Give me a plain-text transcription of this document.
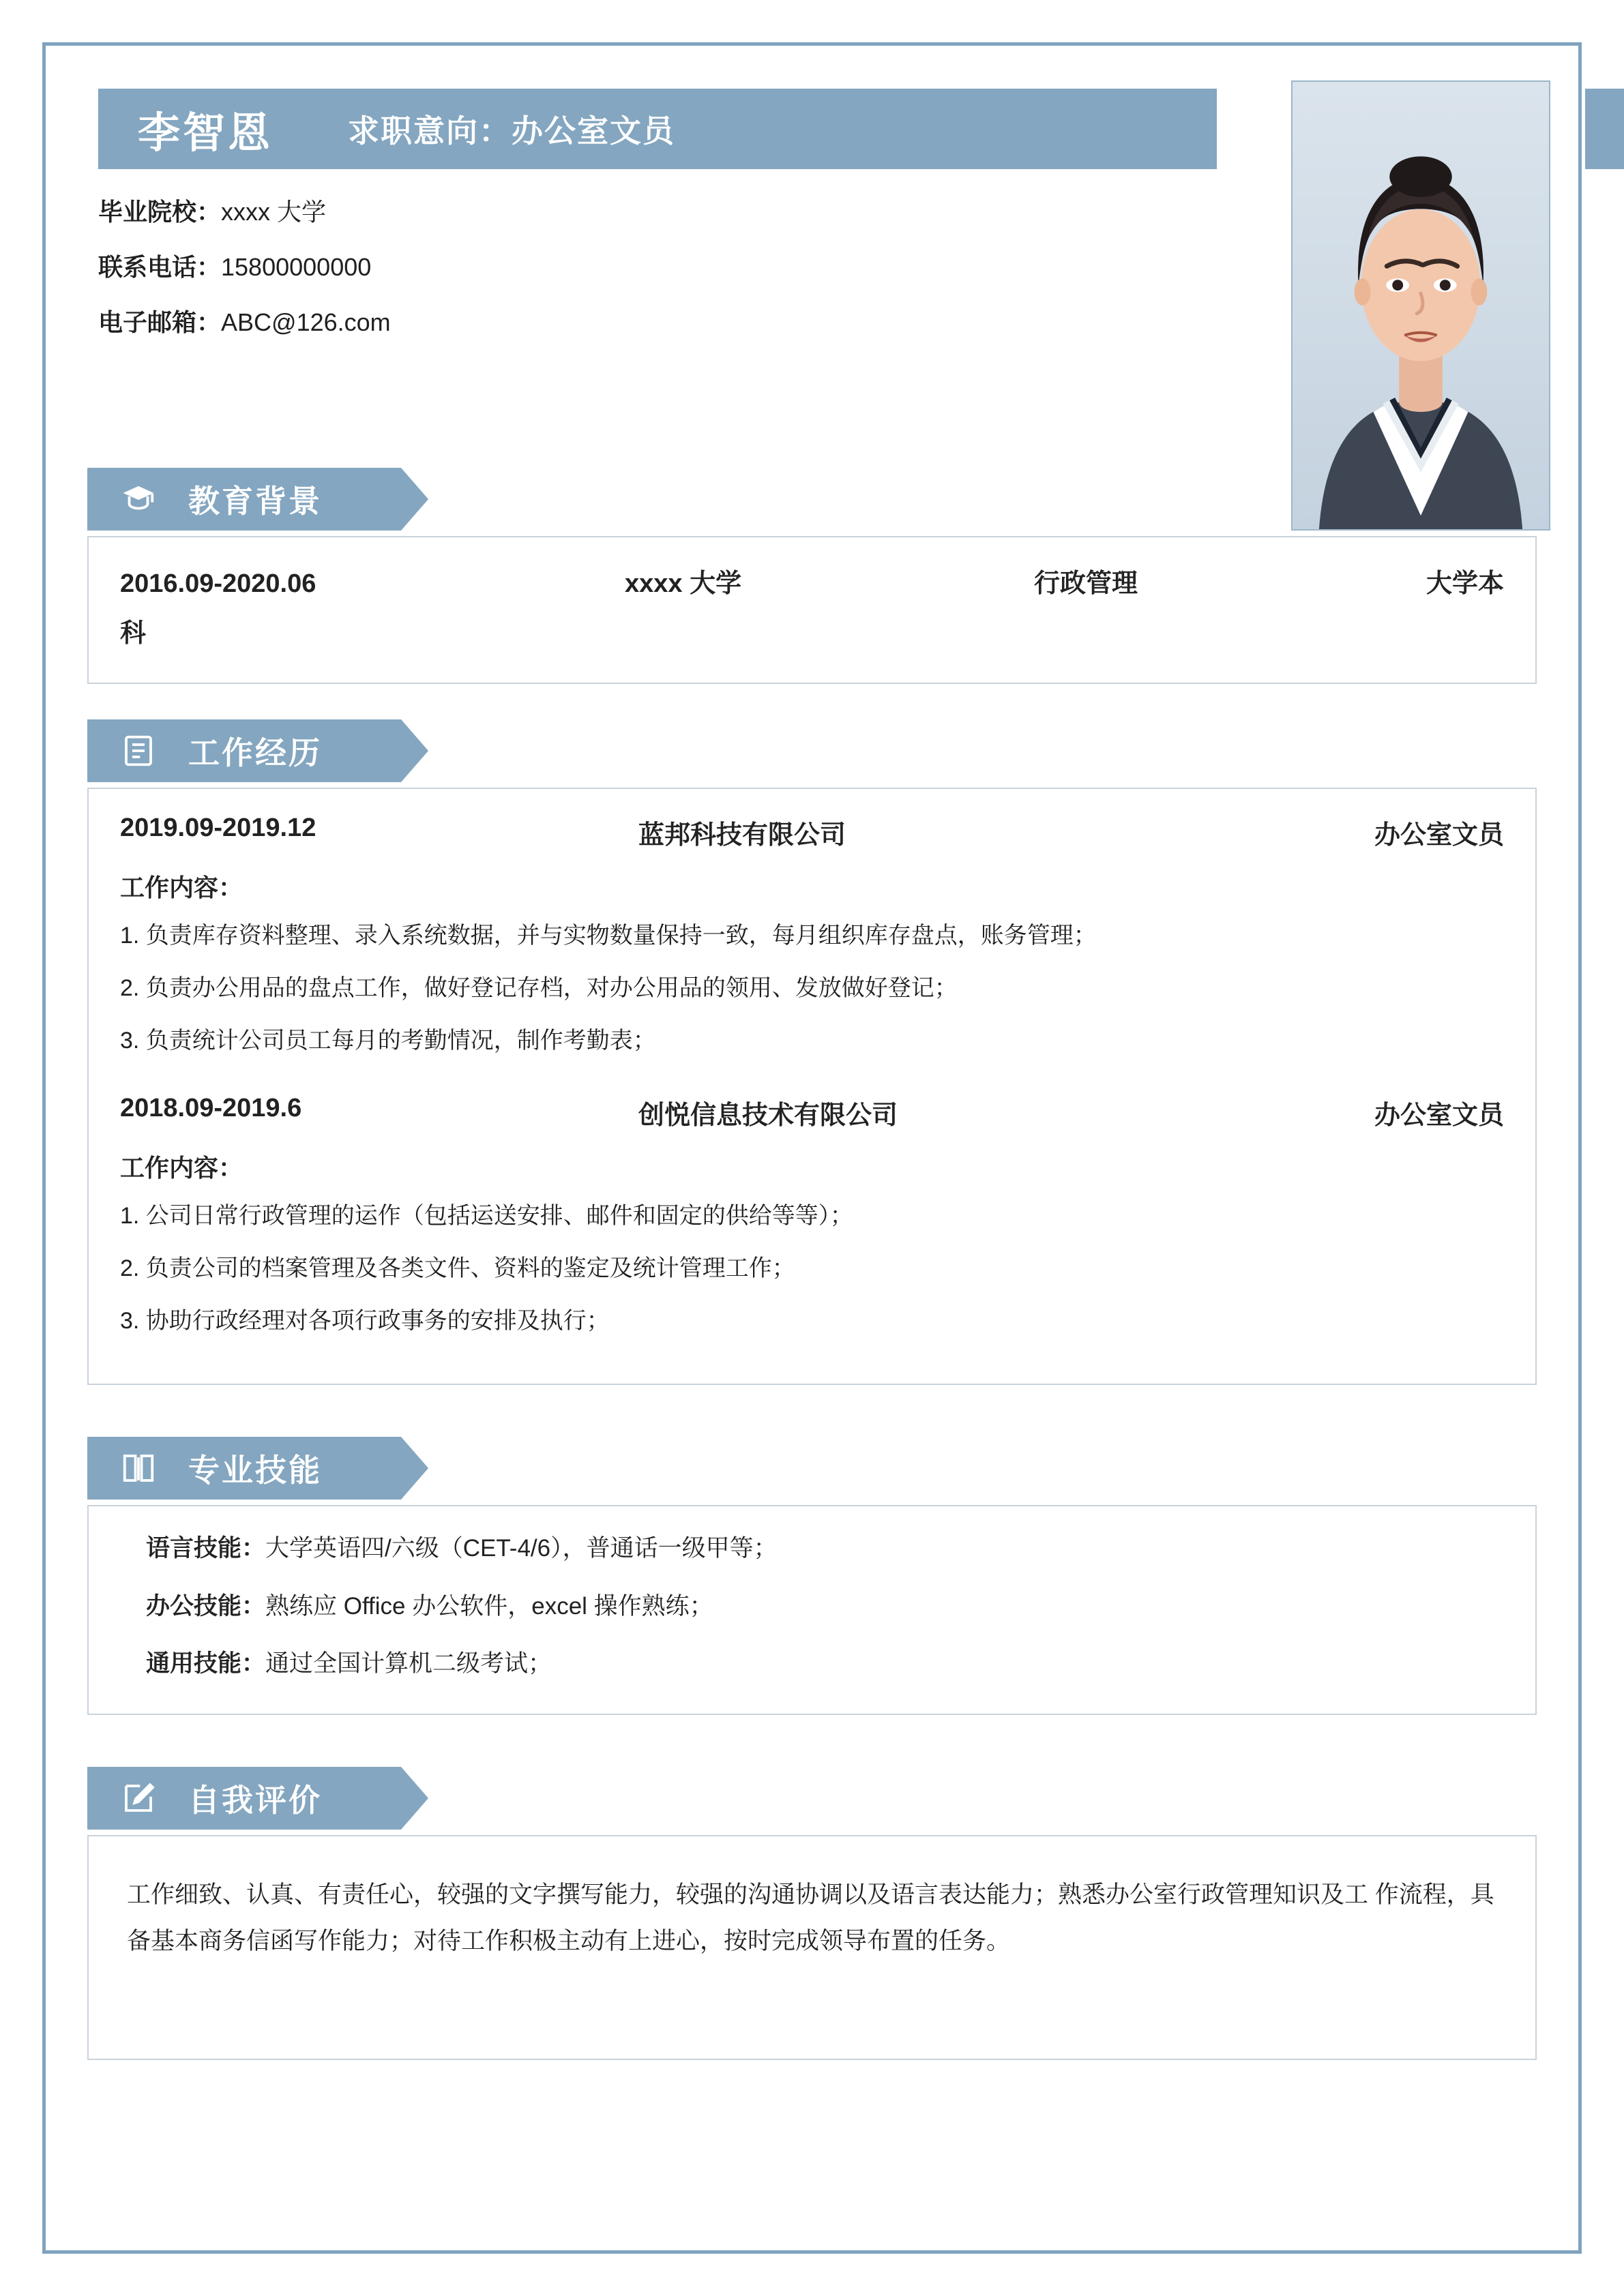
李智恩 求职意向：办公室文员
毕业院校：xxxx 大学
联系电话：15800000000
电子邮箱：ABC@126.com
教育背景
2016.09-2020.06	xxxx 大学	行政管理	大学本
科
工作经历
2019.09-2019.12	蓝邦科技有限公司	办公室文员
工作内容：
1. 负责库存资料整理、录入系统数据，并与实物数量保持一致，每月组织库存盘点，账务管理；
2. 负责办公用品的盘点工作，做好登记存档，对办公用品的领用、发放做好登记；
3. 负责统计公司员工每月的考勤情况，制作考勤表；
2018.09-2019.6	创悦信息技术有限公司	办公室文员
工作内容：
1. 公司日常行政管理的运作（包括运送安排、邮件和固定的供给等等）；
2. 负责公司的档案管理及各类文件、资料的鉴定及统计管理工作；
3. 协助行政经理对各项行政事务的安排及执行；
专业技能
语言技能：大学英语四/六级（CET-4/6），普通话一级甲等；
办公技能：熟练应 Office 办公软件，excel 操作熟练；
通用技能：通过全国计算机二级考试；
自我评价
工作细致、认真、有责任心，较强的文字撰写能力，较强的沟通协调以及语言表达能力；熟悉办公室行政管理知识及工 作流程，具备基本商务信函写作能力；对待工作积极主动有上进心，按时完成领导布置的任务。
